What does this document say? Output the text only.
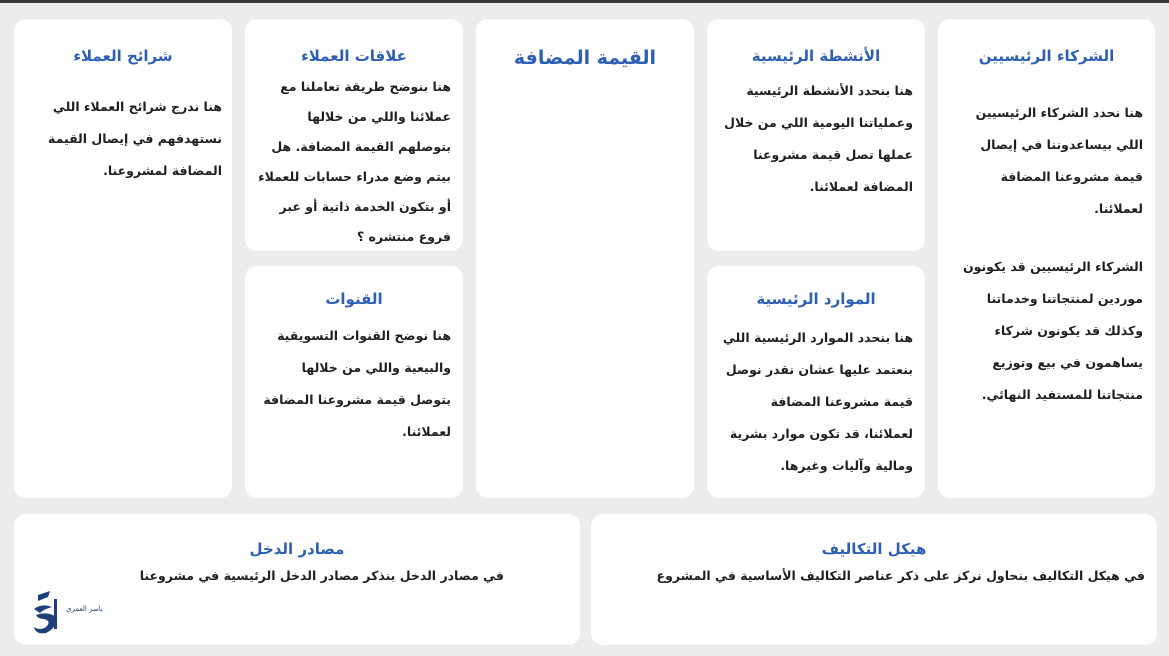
الشركاء الرئيسيين

هنا نحدد الشركاء الرئيسيين اللي بيساعدوننا في إيصال قيمة مشروعنا المضافة لعملائنا.

الشركاء الرئيسيين قد يكونون موردين لمنتجاتنا وخدماتنا وكذلك قد يكونون شركاء يساهمون في بيع وتوزيع منتجاتنا للمستفيد النهائي.

الأنشطة الرئيسية

هنا بنحدد الأنشطة الرئيسية وعملياتنا اليومية اللي من خلال عملها تصل قيمة مشروعنا المضافة لعملائنا.

الموارد الرئيسية

هنا بنحدد الموارد الرئيسية اللي بنعتمد عليها عشان نقدر نوصل قيمة مشروعنا المضافة لعملائنا، قد تكون موارد بشرية ومالية وآليات وغيرها.

القيمة المضافة
علاقات العملاء

هنا بنوضح طريقة تعاملنا مع عملائنا واللي من خلالها بتوصلهم القيمة المضافة. هل بيتم وضع مدراء حسابات للعملاء أو بتكون الخدمة ذاتية أو عبر فروع منتشره ؟

القنوات

هنا نوضح القنوات التسويقية والبيعية واللي من خلالها بتوصل قيمة مشروعنا المضافة لعملائنا.

شرائح العملاء

هنا ندرج شرائح العملاء اللي نستهدفهم في إيصال القيمة المضافة لمشروعنا.

هيكل التكاليف

في هيكل التكاليف بنحاول نركز على ذكر عناصر التكاليف الأساسية في المشروع

مصادر الدخل

في مصادر الدخل بنذكر مصادر الدخل الرئيسية في مشروعنا

ياسر العمري
